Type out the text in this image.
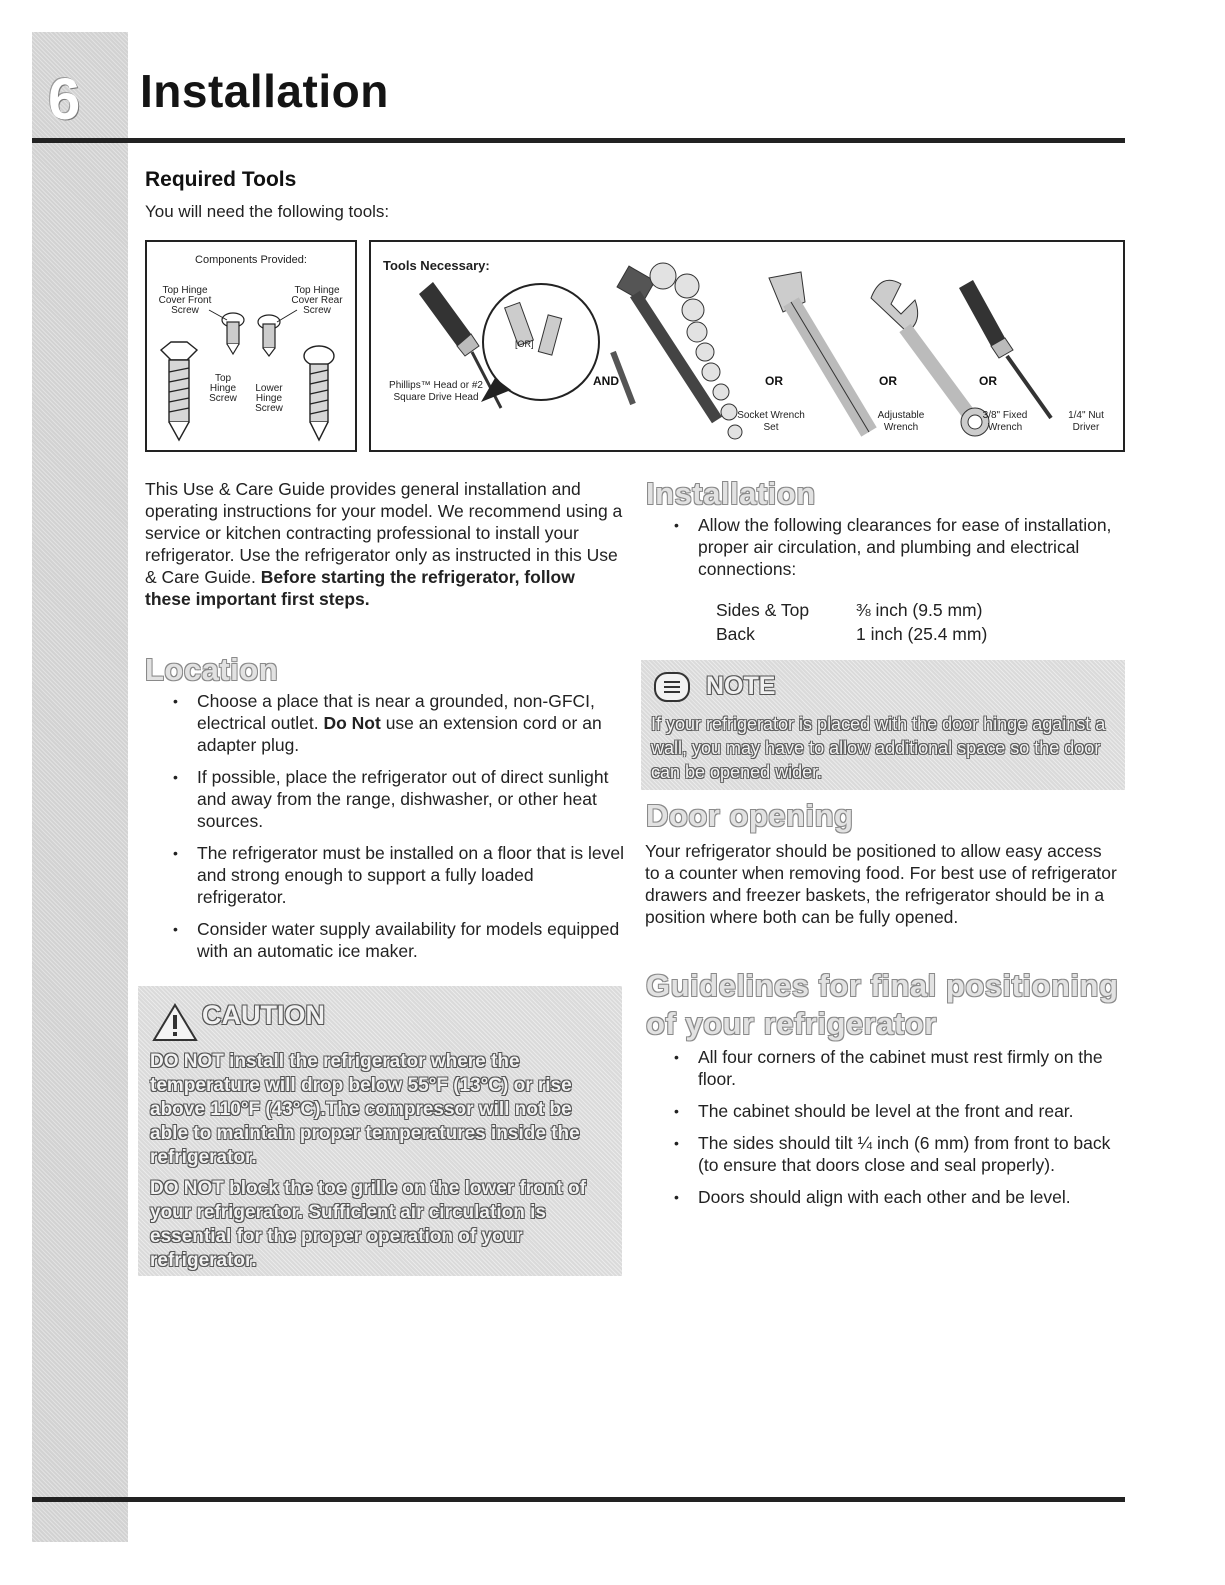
6 Installation
Required Tools
You will need the following tools:
Components Provided:
Top Hinge Cover Front Screw
Top Hinge Cover Rear Screw
Top Hinge Screw
Lower Hinge Screw
Tools Necessary:
Phillips™ Head or #2 Square Drive Head
[OR]
AND	OR	OR	OR
Socket Wrench Set
Adjustable Wrench
3/8" Fixed Wrench
1/4" Nut Driver
This Use & Care Guide provides general installation and operating instructions for your model. We recommend using a service or kitchen contracting professional to install your refrigerator. Use the refrigerator only as instructed in this Use & Care Guide. Before starting the refrigerator, follow these important first steps.
Location
• Choose a place that is near a grounded, non-GFCI, electrical outlet. Do Not use an extension cord or an adapter plug.
• If possible, place the refrigerator out of direct sunlight and away from the range, dishwasher, or other heat sources.
• The refrigerator must be installed on a floor that is level and strong enough to support a fully loaded refrigerator.
• Consider water supply availability for models equipped with an automatic ice maker.
CAUTION

DO NOT install the refrigerator where the temperature will drop below 55°F (13°C) or rise above 110°F (43°C).The compressor will not be able to maintain proper temperatures inside the refrigerator.

DO NOT block the toe grille on the lower front of your refrigerator. Sufficient air circulation is essential for the proper operation of your refrigerator.

Installation
• Allow the following clearances for ease of installation, proper air circulation, and plumbing and electrical connections:
Sides & Top	⅜ inch (9.5 mm)
Back	1 inch (25.4 mm)
NOTE
If your refrigerator is placed with the door hinge against a wall, you may have to allow additional space so the door can be opened wider.
Door opening
Your refrigerator should be positioned to allow easy access to a counter when removing food. For best use of refrigerator drawers and freezer baskets, the refrigerator should be in a position where both can be fully opened.
Guidelines for final positioning
of your refrigerator
• All four corners of the cabinet must rest firmly on the floor.
• The cabinet should be level at the front and rear.
• The sides should tilt ¼ inch (6 mm) from front to back (to ensure that doors close and seal properly).
• Doors should align with each other and be level.
